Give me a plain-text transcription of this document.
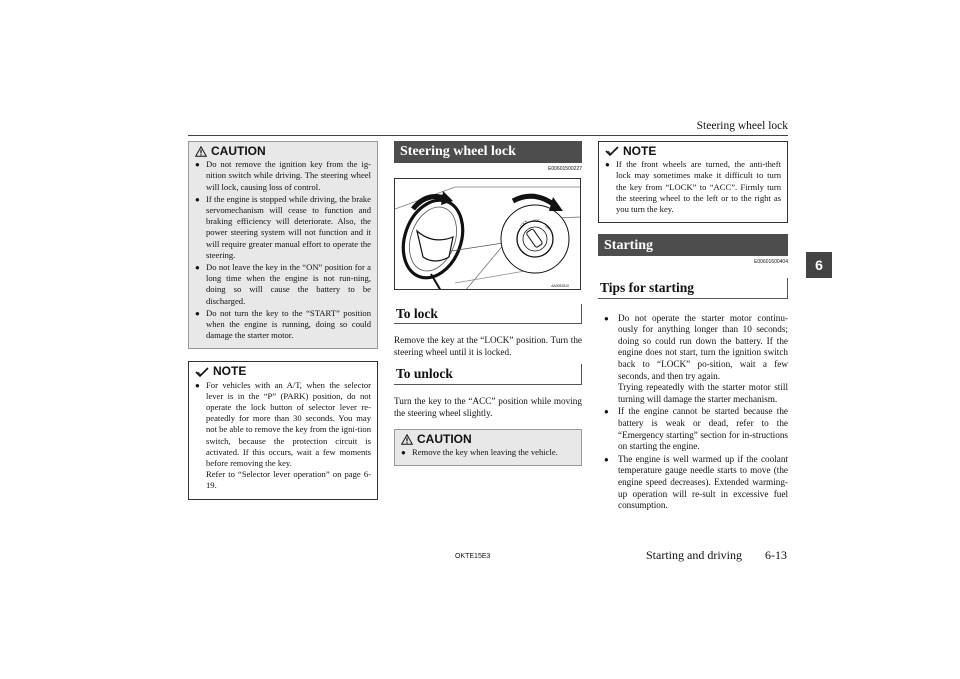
Steering wheel lock
6
CAUTION
● Do not remove the ignition key from the ig-nition switch while driving. The steering wheel will lock, causing loss of control.
● If the engine is stopped while driving, the brake servomechanism will cease to function and braking efficiency will deteriorate. Also, the power steering system will not function and it will require greater manual effort to operate the steering.
● Do not leave the key in the “ON” position for a long time when the engine is not run-ning, doing so will cause the battery to be discharged.
● Do not turn the key to the “START” position when the engine is running, doing so could damage the starter motor.
NOTE
● For vehicles with an A/T, when the selector lever is in the “P” (PARK) position, do not operate the lock button of selector lever re-peatedly for more than 30 seconds. You may not be able to remove the key from the igni-tion switch, because the protection circuit is activated. If this occurs, wait a few moments before removing the key.
Refer to “Selector lever operation” on page 6-19.
Steering wheel lock
E00601500227
LOCK ACC
ON
AA0052810
To lock
Remove the key at the “LOCK” position. Turn the steering wheel until it is locked.
To unlock
Turn the key to the “ACC” position while moving the steering wheel slightly.
CAUTION
● Remove the key when leaving the vehicle.
NOTE
● If the front wheels are turned, the anti-theft lock may sometimes make it difficult to turn the key from “LOCK” to “ACC”. Firmly turn the steering wheel to the left or to the right as you turn the key.
Starting
E00601600404
Tips for starting
● Do not operate the starter motor continu-ously for anything longer than 10 seconds; doing so could run down the battery. If the engine does not start, turn the ignition switch back to “LOCK” po-sition, wait a few seconds, and then try again.
Trying repeatedly with the starter motor still turning will damage the starter mechanism.
● If the engine cannot be started because the battery is weak or dead, refer to the “Emergency starting” section for in-structions on starting the engine.
● The engine is well warmed up if the coolant temperature gauge needle starts to move (the engine speed decreases). Extended warming-up operation will re-sult in excessive fuel consumption.
OKTE15E3	Starting and driving 6-13
